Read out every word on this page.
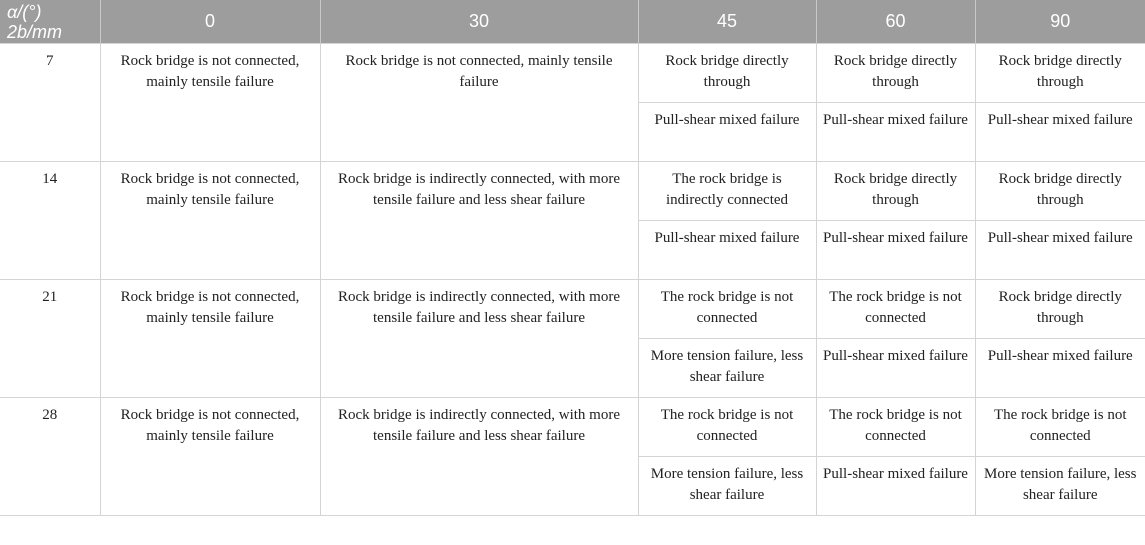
α/(°)
2b/mm	0	30	45	60	90
7	Rock bridge is not connected, mainly tensile failure	Rock bridge is not connected, mainly tensile failure	Rock bridge directly through	Rock bridge directly through	Rock bridge directly through
			Pull-shear mixed failure	Pull-shear mixed failure	Pull-shear mixed failure
14	Rock bridge is not connected, mainly tensile failure	Rock bridge is indirectly connected, with more tensile failure and less shear failure	The rock bridge is indirectly connected	Rock bridge directly through	Rock bridge directly through
			Pull-shear mixed failure	Pull-shear mixed failure	Pull-shear mixed failure
21	Rock bridge is not connected, mainly tensile failure	Rock bridge is indirectly connected, with more tensile failure and less shear failure	The rock bridge is not connected	The rock bridge is not connected	Rock bridge directly through
			More tension failure, less shear failure	Pull-shear mixed failure	Pull-shear mixed failure
28	Rock bridge is not connected, mainly tensile failure	Rock bridge is indirectly connected, with more tensile failure and less shear failure	The rock bridge is not connected	The rock bridge is not connected	The rock bridge is not connected
			More tension failure, less shear failure	Pull-shear mixed failure	More tension failure, less shear failure
